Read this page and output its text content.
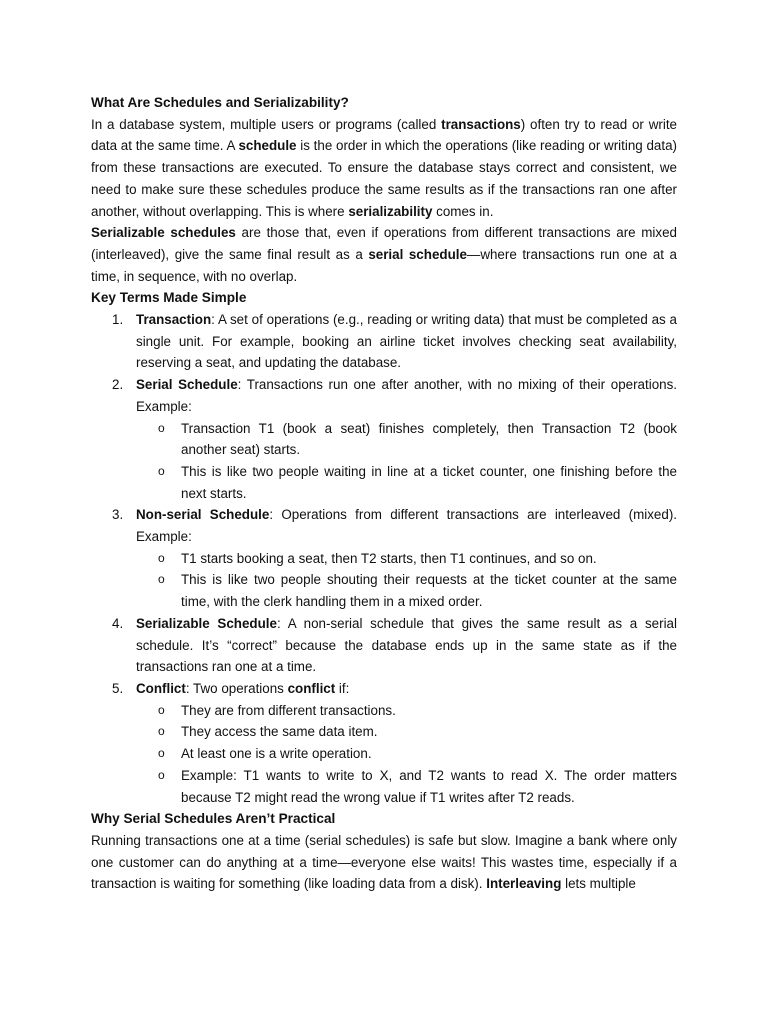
What Are Schedules and Serializability?

In a database system, multiple users or programs (called transactions) often try to read or write data at the same time. A schedule is the order in which the operations (like reading or writing data) from these transactions are executed. To ensure the database stays correct and consistent, we need to make sure these schedules produce the same results as if the transactions ran one after another, without overlapping. This is where serializability comes in.

Serializable schedules are those that, even if operations from different transactions are mixed (interleaved), give the same final result as a serial schedule—where transactions run one at a time, in sequence, with no overlap.

Key Terms Made Simple
1. Transaction: A set of operations (e.g., reading or writing data) that must be completed as a single unit. For example, booking an airline ticket involves checking seat availability, reserving a seat, and updating the database.
2. Serial Schedule: Transactions run one after another, with no mixing of their operations. Example:
o Transaction T1 (book a seat) finishes completely, then Transaction T2 (book another seat) starts.
o This is like two people waiting in line at a ticket counter, one finishing before the next starts.
3. Non-serial Schedule: Operations from different transactions are interleaved (mixed). Example:
o T1 starts booking a seat, then T2 starts, then T1 continues, and so on.
o This is like two people shouting their requests at the ticket counter at the same time, with the clerk handling them in a mixed order.
4. Serializable Schedule: A non-serial schedule that gives the same result as a serial schedule. It’s “correct” because the database ends up in the same state as if the transactions ran one at a time.
5. Conflict: Two operations conflict if:
o They are from different transactions.
o They access the same data item.
o At least one is a write operation.
o Example: T1 wants to write to X, and T2 wants to read X. The order matters because T2 might read the wrong value if T1 writes after T2 reads.
Why Serial Schedules Aren’t Practical

Running transactions one at a time (serial schedules) is safe but slow. Imagine a bank where only one customer can do anything at a time—everyone else waits! This wastes time, especially if a transaction is waiting for something (like loading data from a disk). Interleaving lets multiple
